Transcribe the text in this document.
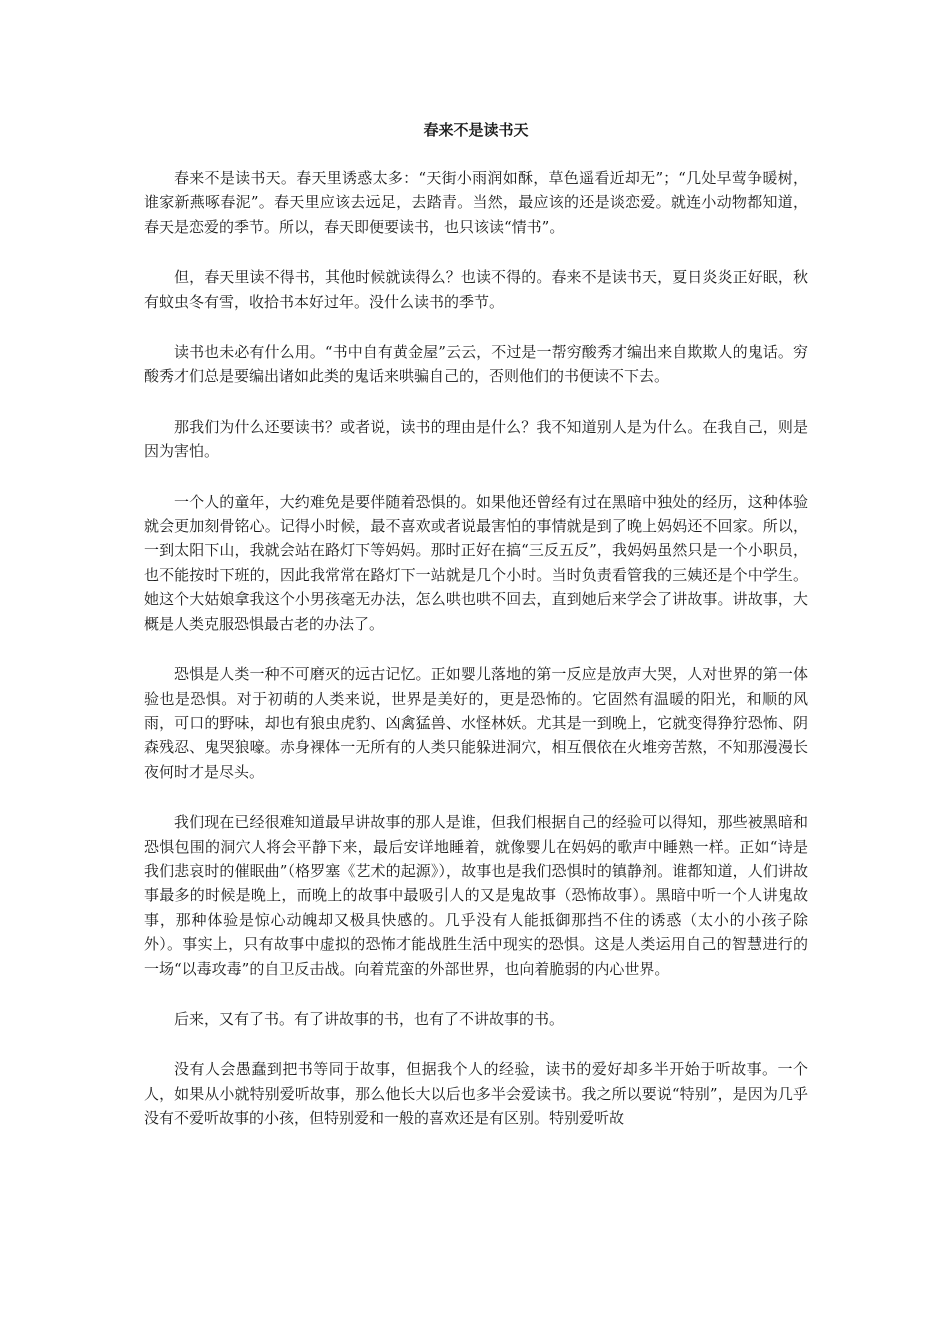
春来不是读书天

春来不是读书天。春天里诱惑太多：“天街小雨润如酥，草色遥看近却无”；“几处早莺争暖树，谁家新燕啄春泥”。春天里应该去远足，去踏青。当然，最应该的还是谈恋爱。就连小动物都知道，春天是恋爱的季节。所以，春天即便要读书，也只该读“情书”。

但，春天里读不得书，其他时候就读得么？也读不得的。春来不是读书天，夏日炎炎正好眠，秋有蚊虫冬有雪，收拾书本好过年。没什么读书的季节。

读书也未必有什么用。“书中自有黄金屋”云云，不过是一帮穷酸秀才编出来自欺欺人的鬼话。穷酸秀才们总是要编出诸如此类的鬼话来哄骗自己的，否则他们的书便读不下去。

那我们为什么还要读书？或者说，读书的理由是什么？我不知道别人是为什么。在我自己，则是因为害怕。

一个人的童年，大约难免是要伴随着恐惧的。如果他还曾经有过在黑暗中独处的经历，这种体验就会更加刻骨铭心。记得小时候，最不喜欢或者说最害怕的事情就是到了晚上妈妈还不回家。所以，一到太阳下山，我就会站在路灯下等妈妈。那时正好在搞“三反五反”，我妈妈虽然只是一个小职员，也不能按时下班的，因此我常常在路灯下一站就是几个小时。当时负责看管我的三姨还是个中学生。她这个大姑娘拿我这个小男孩毫无办法，怎么哄也哄不回去，直到她后来学会了讲故事。讲故事，大概是人类克服恐惧最古老的办法了。

恐惧是人类一种不可磨灭的远古记忆。正如婴儿落地的第一反应是放声大哭，人对世界的第一体验也是恐惧。对于初萌的人类来说，世界是美好的，更是恐怖的。它固然有温暖的阳光，和顺的风雨，可口的野味，却也有狼虫虎豹、凶禽猛兽、水怪林妖。尤其是一到晚上，它就变得狰狞恐怖、阴森残忍、鬼哭狼嚎。赤身裸体一无所有的人类只能躲进洞穴，相互偎依在火堆旁苦熬，不知那漫漫长夜何时才是尽头。

我们现在已经很难知道最早讲故事的那人是谁，但我们根据自己的经验可以得知，那些被黑暗和恐惧包围的洞穴人将会平静下来，最后安详地睡着，就像婴儿在妈妈的歌声中睡熟一样。正如“诗是我们悲哀时的催眠曲”（格罗塞《艺术的起源》），故事也是我们恐惧时的镇静剂。谁都知道，人们讲故事最多的时候是晚上，而晚上的故事中最吸引人的又是鬼故事（恐怖故事）。黑暗中听一个人讲鬼故事，那种体验是惊心动魄却又极具快感的。几乎没有人能抵御那挡不住的诱惑（太小的小孩子除外）。事实上，只有故事中虚拟的恐怖才能战胜生活中现实的恐惧。这是人类运用自己的智慧进行的一场“以毒攻毒”的自卫反击战。向着荒蛮的外部世界，也向着脆弱的内心世界。

后来，又有了书。有了讲故事的书，也有了不讲故事的书。

没有人会愚蠢到把书等同于故事，但据我个人的经验，读书的爱好却多半开始于听故事。一个人，如果从小就特别爱听故事，那么他长大以后也多半会爱读书。我之所以要说“特别”，是因为几乎没有不爱听故事的小孩，但特别爱和一般的喜欢还是有区别。特别爱听故
